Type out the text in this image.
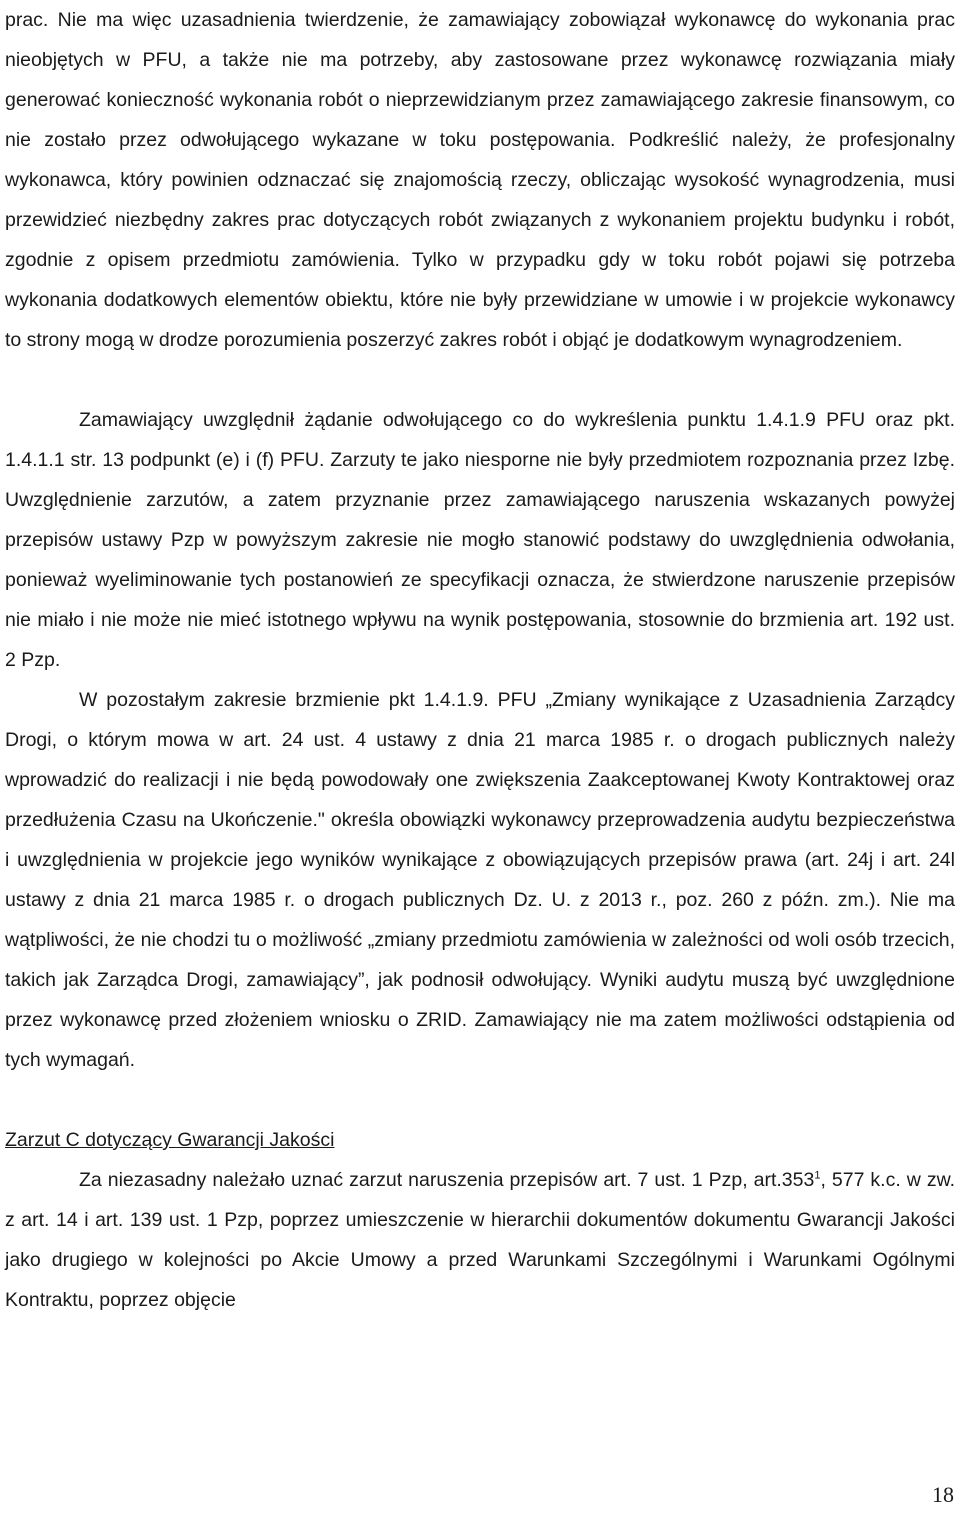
prac. Nie ma więc uzasadnienia twierdzenie, że zamawiający zobowiązał wykonawcę do wykonania prac nieobjętych w PFU, a także nie ma potrzeby, aby zastosowane przez wykonawcę rozwiązania miały generować konieczność wykonania robót o nieprzewidzianym przez zamawiającego zakresie finansowym, co nie zostało przez odwołującego wykazane w toku postępowania. Podkreślić należy, że profesjonalny wykonawca, który powinien odznaczać się znajomością rzeczy, obliczając wysokość wynagrodzenia, musi przewidzieć niezbędny zakres prac dotyczących robót związanych z wykonaniem projektu budynku i robót, zgodnie z opisem przedmiotu zamówienia. Tylko w przypadku gdy w toku robót pojawi się potrzeba wykonania dodatkowych elementów obiektu, które nie były przewidziane w umowie i w projekcie wykonawcy to strony mogą w drodze porozumienia poszerzyć zakres robót i objąć je dodatkowym wynagrodzeniem.

Zamawiający uwzględnił żądanie odwołującego co do wykreślenia punktu 1.4.1.9 PFU oraz pkt. 1.4.1.1 str. 13 podpunkt (e) i (f) PFU. Zarzuty te jako niesporne nie były przedmiotem rozpoznania przez Izbę. Uwzględnienie zarzutów, a zatem przyznanie przez zamawiającego naruszenia wskazanych powyżej przepisów ustawy Pzp w powyższym zakresie nie mogło stanowić podstawy do uwzględnienia odwołania, ponieważ wyeliminowanie tych postanowień ze specyfikacji oznacza, że stwierdzone naruszenie przepisów nie miało i nie może nie mieć istotnego wpływu na wynik postępowania, stosownie do brzmienia art. 192 ust. 2 Pzp.

W pozostałym zakresie brzmienie pkt 1.4.1.9. PFU „Zmiany wynikające z Uzasadnienia Zarządcy Drogi, o którym mowa w art. 24 ust. 4 ustawy z dnia 21 marca 1985 r. o drogach publicznych należy wprowadzić do realizacji i nie będą powodowały one zwiększenia Zaakceptowanej Kwoty Kontraktowej oraz przedłużenia Czasu na Ukończenie." określa obowiązki wykonawcy przeprowadzenia audytu bezpieczeństwa i uwzględnienia w projekcie jego wyników wynikające z obowiązujących przepisów prawa (art. 24j i art. 24l ustawy z dnia 21 marca 1985 r. o drogach publicznych Dz. U. z 2013 r., poz. 260 z późn. zm.). Nie ma wątpliwości, że nie chodzi tu o możliwość „zmiany przedmiotu zamówienia w zależności od woli osób trzecich, takich jak Zarządca Drogi, zamawiający”, jak podnosił odwołujący. Wyniki audytu muszą być uwzględnione przez wykonawcę przed złożeniem wniosku o ZRID. Zamawiający nie ma zatem możliwości odstąpienia od tych wymagań.

Zarzut C dotyczący Gwarancji Jakości

Za niezasadny należało uznać zarzut naruszenia przepisów art. 7 ust. 1 Pzp, art.353$^1$, 577 k.c. w zw. z art. 14 i art. 139 ust. 1 Pzp, poprzez umieszczenie w hierarchii dokumentów dokumentu Gwarancji Jakości jako drugiego w kolejności po Akcie Umowy a przed Warunkami Szczególnymi i Warunkami Ogólnymi Kontraktu, poprzez objęcie

18
